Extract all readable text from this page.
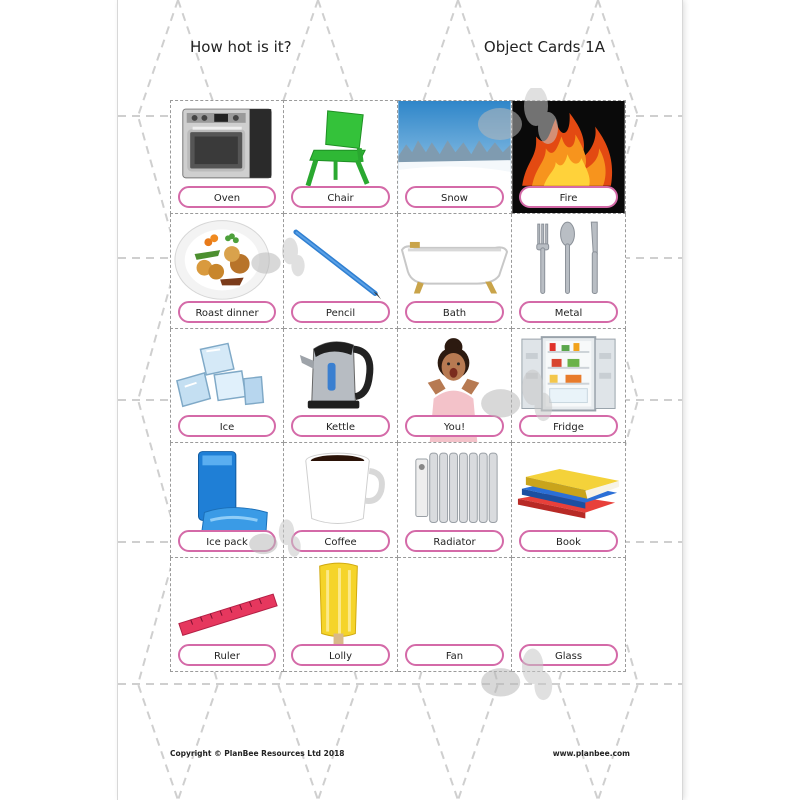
How hot is it?	Object Cards 1A
Oven	Chair	Snow	Fire
Roast dinner	Pencil	Bath	Metal
Ice	Kettle	You!	Fridge
Ice pack	Coffee	Radiator	Book
Ruler	Lolly	Fan	Glass
Copyright © PlanBee Resources Ltd 2018	www.planbee.com
